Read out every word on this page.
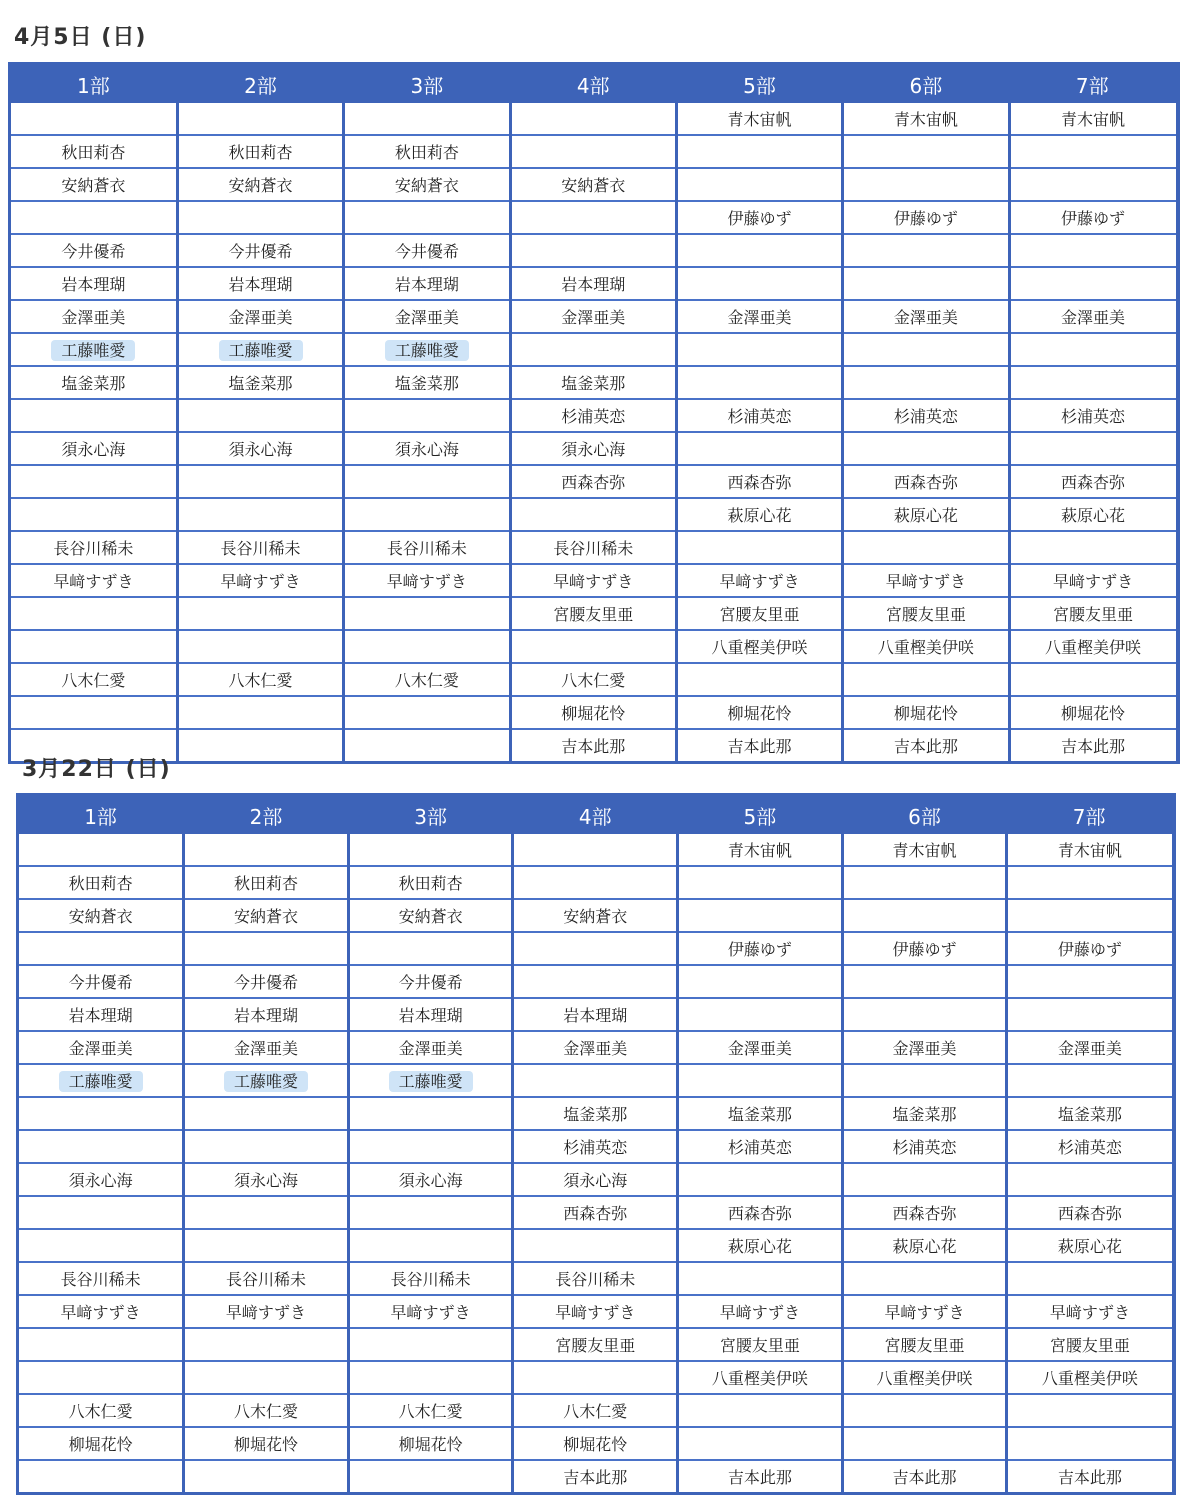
4月5日 (日)
1部	2部	3部	4部	5部	6部	7部
				青木宙帆	青木宙帆	青木宙帆
秋田莉杏	秋田莉杏	秋田莉杏				
安納蒼衣	安納蒼衣	安納蒼衣	安納蒼衣			
				伊藤ゆず	伊藤ゆず	伊藤ゆず
今井優希	今井優希	今井優希				
岩本理瑚	岩本理瑚	岩本理瑚	岩本理瑚			
金澤亜美	金澤亜美	金澤亜美	金澤亜美	金澤亜美	金澤亜美	金澤亜美
工藤唯愛	工藤唯愛	工藤唯愛				
塩釜菜那	塩釜菜那	塩釜菜那	塩釜菜那			
			杉浦英恋	杉浦英恋	杉浦英恋	杉浦英恋
須永心海	須永心海	須永心海	須永心海			
			西森杏弥	西森杏弥	西森杏弥	西森杏弥
				萩原心花	萩原心花	萩原心花
長谷川稀未	長谷川稀未	長谷川稀未	長谷川稀未			
早﨑すずき	早﨑すずき	早﨑すずき	早﨑すずき	早﨑すずき	早﨑すずき	早﨑すずき
			宮腰友里亜	宮腰友里亜	宮腰友里亜	宮腰友里亜
				八重樫美伊咲	八重樫美伊咲	八重樫美伊咲
八木仁愛	八木仁愛	八木仁愛	八木仁愛			
			柳堀花怜	柳堀花怜	柳堀花怜	柳堀花怜
			吉本此那	吉本此那	吉本此那	吉本此那
3月22日 (日)
1部	2部	3部	4部	5部	6部	7部
				青木宙帆	青木宙帆	青木宙帆
秋田莉杏	秋田莉杏	秋田莉杏				
安納蒼衣	安納蒼衣	安納蒼衣	安納蒼衣			
				伊藤ゆず	伊藤ゆず	伊藤ゆず
今井優希	今井優希	今井優希				
岩本理瑚	岩本理瑚	岩本理瑚	岩本理瑚			
金澤亜美	金澤亜美	金澤亜美	金澤亜美	金澤亜美	金澤亜美	金澤亜美
工藤唯愛	工藤唯愛	工藤唯愛				
			塩釜菜那	塩釜菜那	塩釜菜那	塩釜菜那
			杉浦英恋	杉浦英恋	杉浦英恋	杉浦英恋
須永心海	須永心海	須永心海	須永心海			
			西森杏弥	西森杏弥	西森杏弥	西森杏弥
				萩原心花	萩原心花	萩原心花
長谷川稀未	長谷川稀未	長谷川稀未	長谷川稀未			
早﨑すずき	早﨑すずき	早﨑すずき	早﨑すずき	早﨑すずき	早﨑すずき	早﨑すずき
			宮腰友里亜	宮腰友里亜	宮腰友里亜	宮腰友里亜
				八重樫美伊咲	八重樫美伊咲	八重樫美伊咲
八木仁愛	八木仁愛	八木仁愛	八木仁愛			
柳堀花怜	柳堀花怜	柳堀花怜	柳堀花怜			
			吉本此那	吉本此那	吉本此那	吉本此那
